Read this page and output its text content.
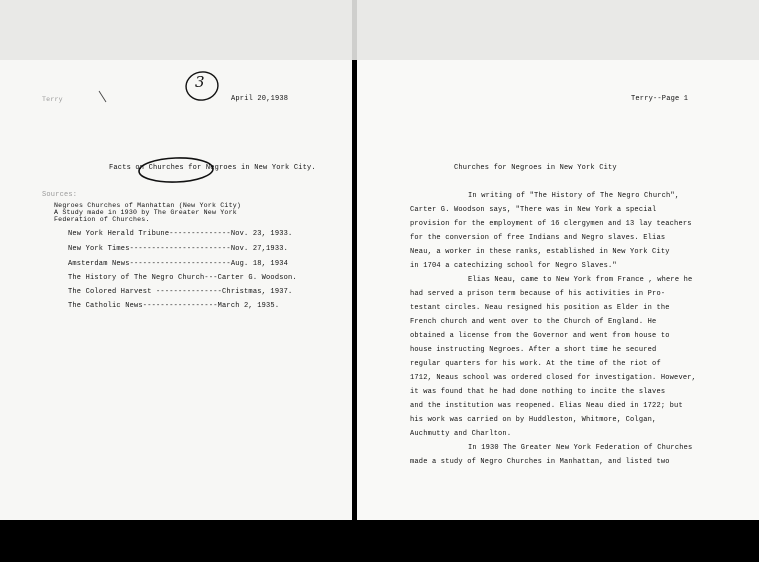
Terry
3
April 20,1938
Facts on Churches for Negroes in New York City.
Sources:
Negroes Churches of Manhattan (New York City)
A Study made in 1930 by The Greater New York
Federation of Churches.
New York Herald Tribune--------------Nov. 23, 1933.
New York Times-----------------------Nov. 27,1933.
Amsterdam News-----------------------Aug. 18, 1934
The History of The Negro Church---Carter G. Woodson.
The Colored Harvest ---------------Christmas, 1937.
The Catholic News-----------------March 2, 1935.
Terry--Page 1
Churches for Negroes in New York City
In writing of "The History of The Negro Church",
Carter G. Woodson says, "There was in New York a special
provision for the employment of 16 clergymen and 13 lay teachers
for the conversion of free Indians and Negro slaves. Elias
Neau, a worker in these ranks, established in New York City
in 1704 a catechizing school for Negro Slaves."
Elias Neau, came to New York from France , where he
had served a prison term because of his activities in Pro-
testant circles. Neau resigned his position as Elder in the
French church and went over to the Church of England. He
obtained a license from the Governor and went from house to
house instructing Negroes. After a short time he secured
regular quarters for his work. At the time of the riot of
1712, Neaus school was ordered closed for investigation. However,
it was found that he had done nothing to incite the slaves
and the institution was reopened. Elias Neau died in 1722; but
his work was carried on by Huddleston, Whitmore, Colgan,
Auchmutty and Charlton.
In 1930 The Greater New York Federation of Churches
made a study of Negro Churches in Manhattan, and listed two
